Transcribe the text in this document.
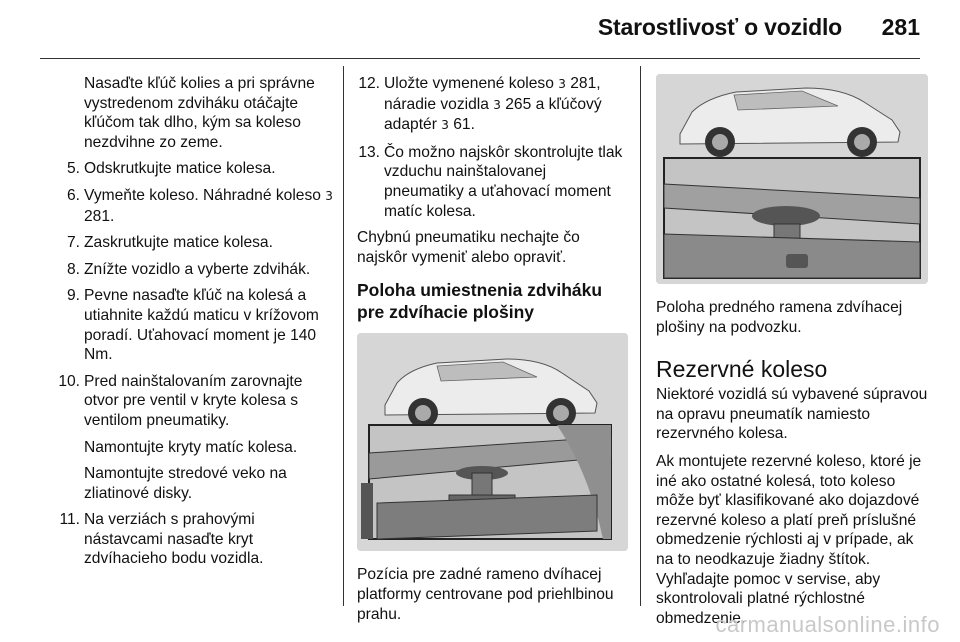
Starostlivosť o vozidlo 281
Nasaďte kľúč kolies a pri správne vystredenom zdviháku otáčajte kľúčom tak dlho, kým sa koleso nezdvihne zo zeme.
5. Odskrutkujte matice kolesa.
6. Vymeňte koleso. Náhradné koleso 3 281.
7. Zaskrutkujte matice kolesa.
8. Znížte vozidlo a vyberte zdvihák.
9. Pevne nasaďte kľúč na kolesá a utiahnite každú maticu v krížovom poradí. Uťahovací moment je 140 Nm.
10. Pred nainštalovaním zarovnajte otvor pre ventil v kryte kolesa s ventilom pneumatiky.
Namontujte kryty matíc kolesa.
Namontujte stredové veko na zliatinové disky.
11. Na verziách s prahovými nástavcami nasaďte kryt zdvíhacieho bodu vozidla.
12. Uložte vymenené koleso 3 281, náradie vozidla 3 265 a kľúčový adaptér 3 61.
13. Čo možno najskôr skontrolujte tlak vzduchu nainštalovanej pneumatiky a uťahovací moment matíc kolesa.

Chybnú pneumatiku nechajte čo najskôr vymeniť alebo opraviť.

Poloha umiestnenia zdviháku pre zdvíhacie plošiny

Pozícia pre zadné rameno dvíhacej platformy centrovane pod priehlbinou prahu.

Poloha predného ramena zdvíhacej plošiny na podvozku.

Rezervné koleso

Niektoré vozidlá sú vybavené súpravou na opravu pneumatík namiesto rezervného kolesa.

Ak montujete rezervné koleso, ktoré je iné ako ostatné kolesá, toto koleso môže byť klasifikované ako dojazdové rezervné koleso a platí preň príslušné obmedzenie rýchlosti aj v prípade, ak na to neodkazuje žiadny štítok. Vyhľadajte pomoc v servise, aby skontrolovali platné rýchlostné obmedzenie.

carmanualsonline.info
